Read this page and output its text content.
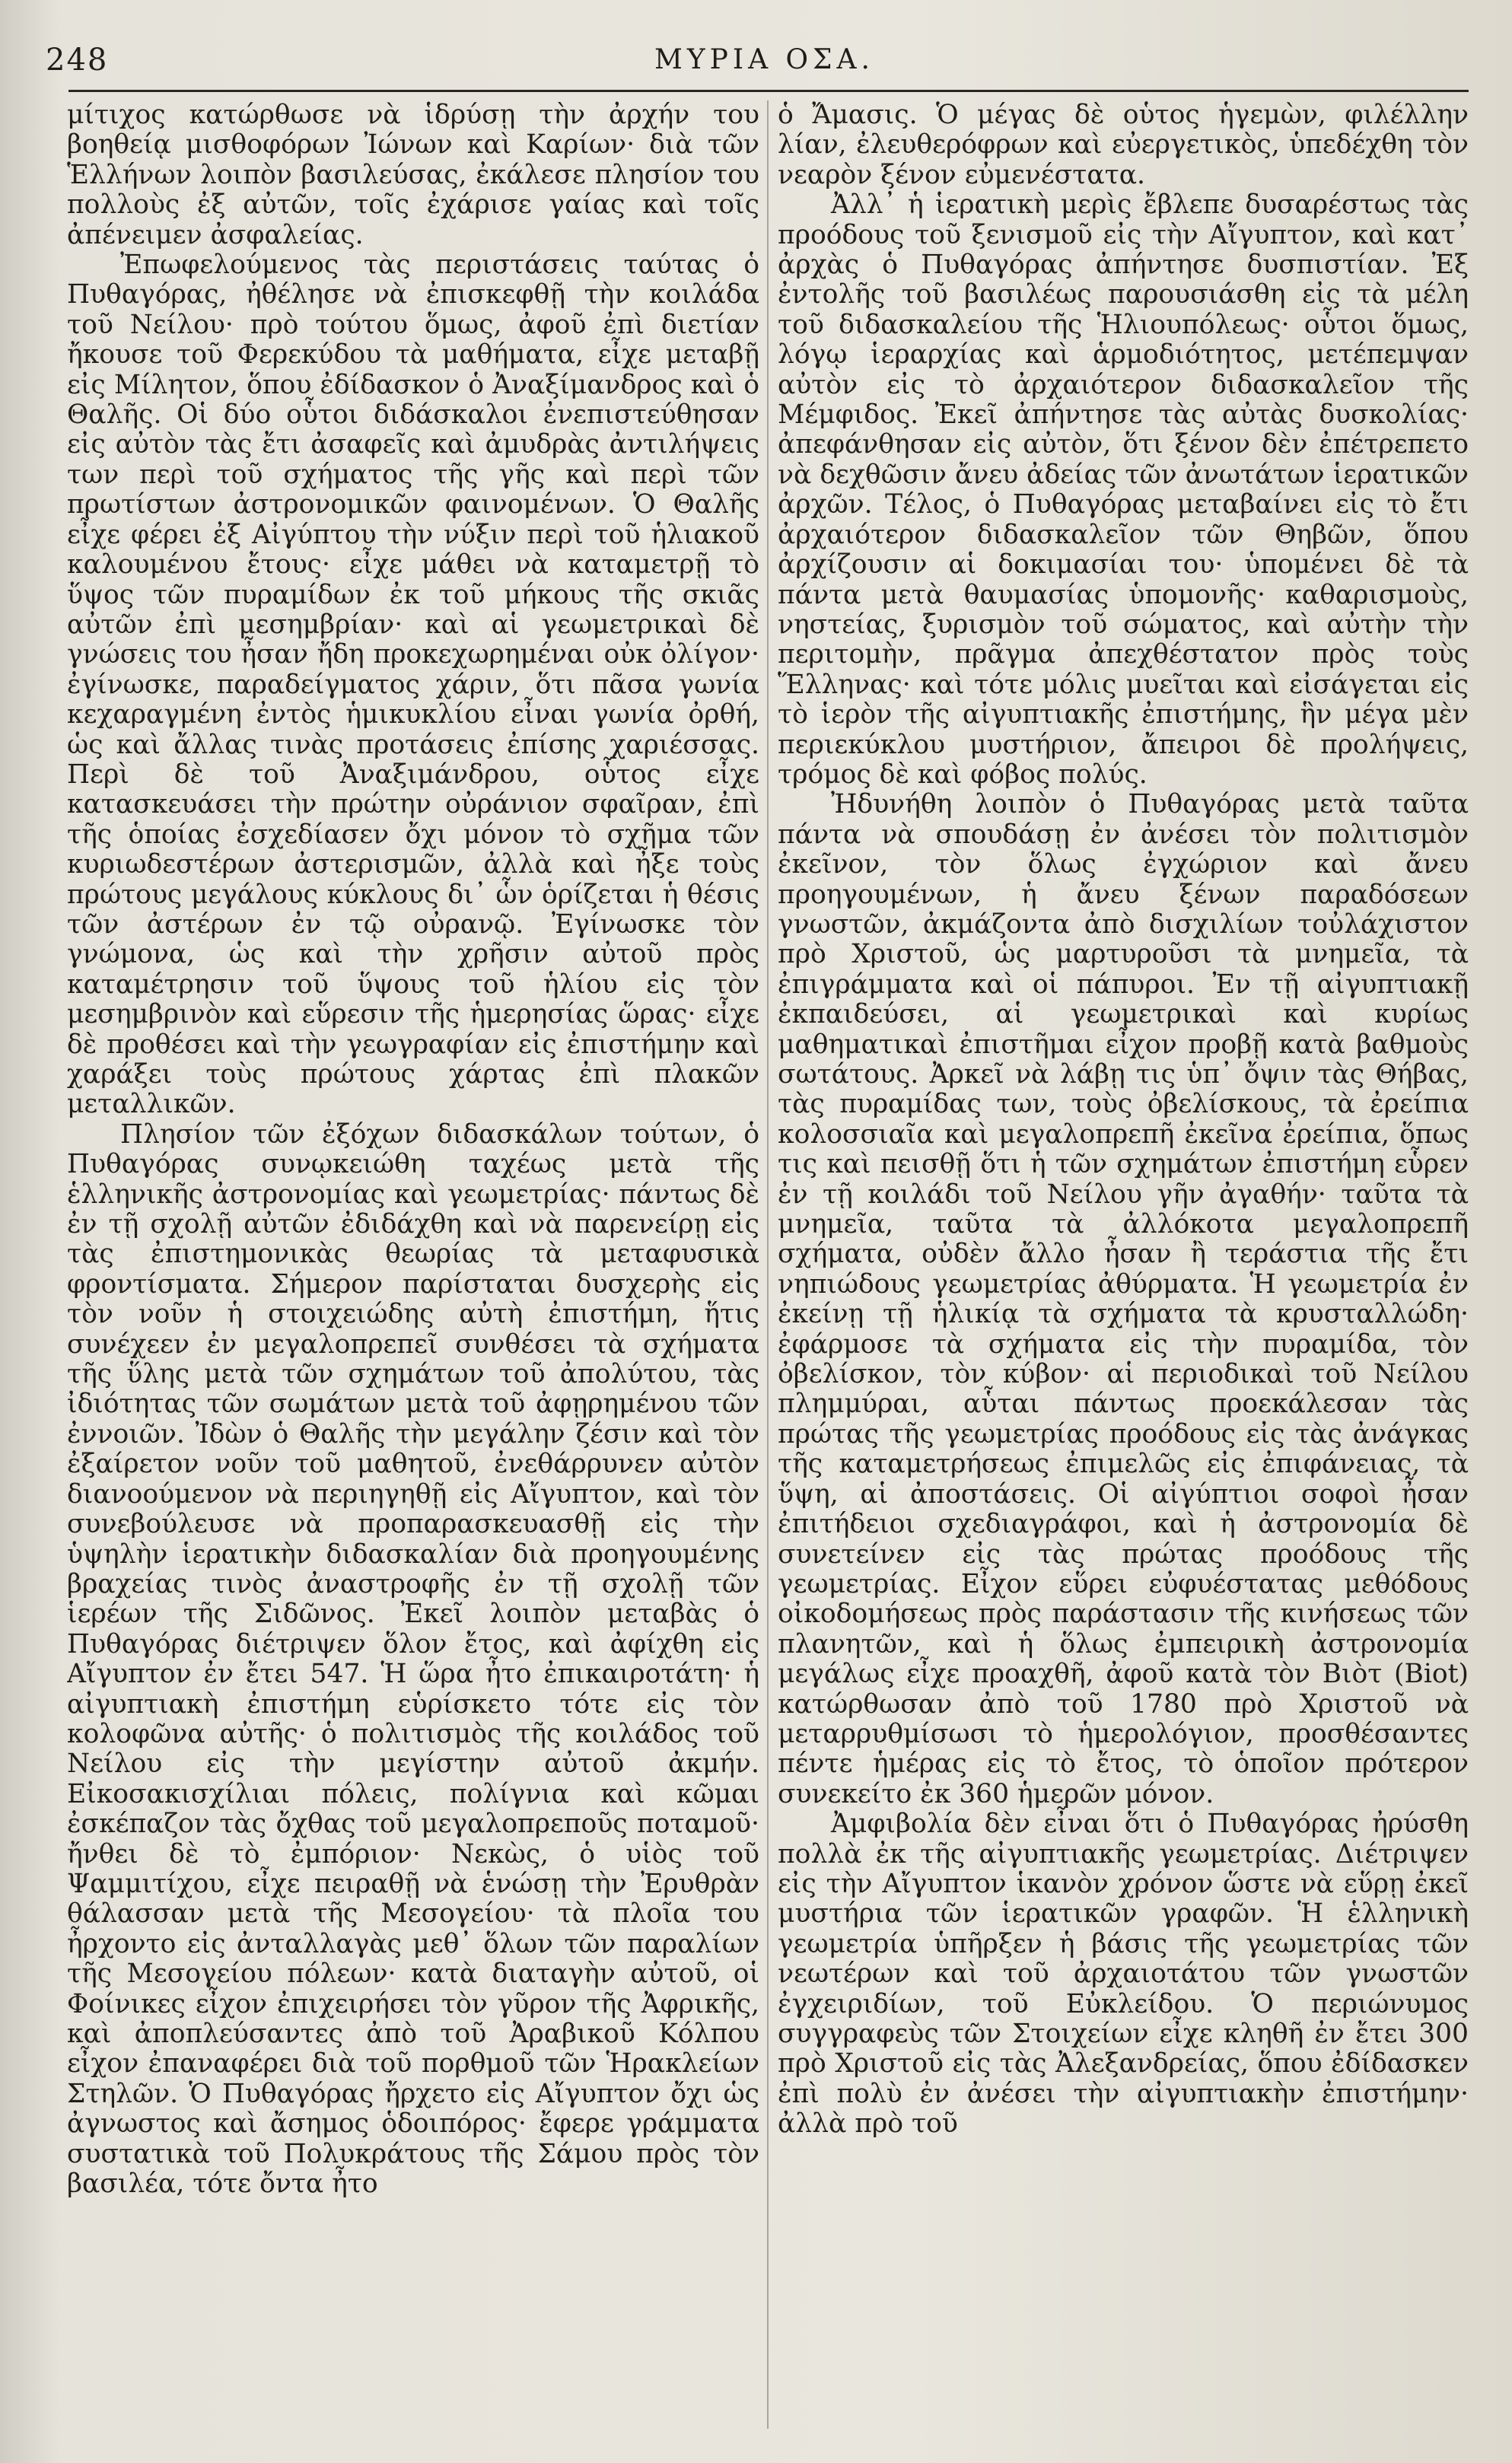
248	ΜΥΡΙΑ ΟΣΑ.

μίτιχος κατώρθωσε νὰ ἱδρύσῃ τὴν ἀρχήν του βοηθείᾳ μισθοφόρων Ἰώνων καὶ Καρίων· διὰ τῶν Ἑλλήνων λοιπὸν βασιλεύσας, ἐκάλεσε πλησίον του πολλοὺς ἐξ αὐτῶν, τοῖς ἐχάρισε γαίας καὶ τοῖς ἀπένειμεν ἀσφαλείας.

Ἐπωφελούμενος τὰς περιστάσεις ταύτας ὁ Πυθαγόρας, ἠθέλησε νὰ ἐπισκεφθῇ τὴν κοιλάδα τοῦ Νείλου· πρὸ τούτου ὅμως, ἀφοῦ ἐπὶ διετίαν ἤκουσε τοῦ Φερεκύδου τὰ μαθήματα, εἶχε μεταβῇ εἰς Μίλητον, ὅπου ἐδίδασκον ὁ Ἀναξίμανδρος καὶ ὁ Θαλῆς. Οἱ δύο οὗτοι διδάσκαλοι ἐνεπιστεύθησαν εἰς αὐτὸν τὰς ἔτι ἀσαφεῖς καὶ ἀμυδρὰς ἀντιλήψεις των περὶ τοῦ σχήματος τῆς γῆς καὶ περὶ τῶν πρωτίστων ἀστρονομικῶν φαινομένων. Ὁ Θαλῆς εἶχε φέρει ἐξ Αἰγύπτου τὴν νύξιν περὶ τοῦ ἡλιακοῦ καλουμένου ἔτους· εἶχε μάθει νὰ καταμετρῇ τὸ ὕψος τῶν πυραμίδων ἐκ τοῦ μήκους τῆς σκιᾶς αὐτῶν ἐπὶ μεσημβρίαν· καὶ αἱ γεωμετρικαὶ δὲ γνώσεις του ἦσαν ἤδη προκεχωρημέναι οὐκ ὀλίγον· ἐγίνωσκε, παραδείγματος χάριν, ὅτι πᾶσα γωνία κεχαραγμένη ἐντὸς ἡμικυκλίου εἶναι γωνία ὀρθή, ὡς καὶ ἄλλας τινὰς προτάσεις ἐπίσης χαριέσσας. Περὶ δὲ τοῦ Ἀναξιμάνδρου, οὗτος εἶχε κατασκευάσει τὴν πρώτην οὐράνιον σφαῖραν, ἐπὶ τῆς ὁποίας ἐσχεδίασεν ὄχι μόνον τὸ σχῆμα τῶν κυριωδεστέρων ἀστερισμῶν, ἀλλὰ καὶ ἦξε τοὺς πρώτους μεγάλους κύκλους δι᾽ ὧν ὁρίζεται ἡ θέσις τῶν ἀστέρων ἐν τῷ οὐρανῷ. Ἐγίνωσκε τὸν γνώμονα, ὡς καὶ τὴν χρῆσιν αὐτοῦ πρὸς καταμέτρησιν τοῦ ὕψους τοῦ ἡλίου εἰς τὸν μεσημβρινὸν καὶ εὕρεσιν τῆς ἡμερησίας ὥρας· εἶχε δὲ προθέσει καὶ τὴν γεωγραφίαν εἰς ἐπιστήμην καὶ χαράξει τοὺς πρώτους χάρτας ἐπὶ πλακῶν μεταλλικῶν.

Πλησίον τῶν ἐξόχων διδασκάλων τούτων, ὁ Πυθαγόρας συνῳκειώθη ταχέως μετὰ τῆς ἑλληνικῆς ἀστρονομίας καὶ γεωμετρίας· πάντως δὲ ἐν τῇ σχολῇ αὐτῶν ἐδιδάχθη καὶ νὰ παρενείρῃ εἰς τὰς ἐπιστημονικὰς θεωρίας τὰ μεταφυσικὰ φροντίσματα. Σήμερον παρίσταται δυσχερὴς εἰς τὸν νοῦν ἡ στοιχειώδης αὐτὴ ἐπιστήμη, ἥτις συνέχεεν ἐν μεγαλοπρεπεῖ συνθέσει τὰ σχήματα τῆς ὕλης μετὰ τῶν σχημάτων τοῦ ἀπολύτου, τὰς ἰδιότητας τῶν σωμάτων μετὰ τοῦ ἀφῃρημένου τῶν ἐννοιῶν. Ἰδὼν ὁ Θαλῆς τὴν μεγάλην ζέσιν καὶ τὸν ἐξαίρετον νοῦν τοῦ μαθητοῦ, ἐνεθάρρυνεν αὐτὸν διανοούμενον νὰ περιηγηθῇ εἰς Αἴγυπτον, καὶ τὸν συνεβούλευσε νὰ προπαρασκευασθῇ εἰς τὴν ὑψηλὴν ἱερατικὴν διδασκαλίαν διὰ προηγουμένης βραχείας τινὸς ἀναστροφῆς ἐν τῇ σχολῇ τῶν ἱερέων τῆς Σιδῶνος. Ἐκεῖ λοιπὸν μεταβὰς ὁ Πυθαγόρας διέτριψεν ὅλον ἔτος, καὶ ἀφίχθη εἰς Αἴγυπτον ἐν ἔτει 547. Ἡ ὥρα ἦτο ἐπικαιροτάτη· ἡ αἰγυπτιακὴ ἐπιστήμη εὑρίσκετο τότε εἰς τὸν κολοφῶνα αὐτῆς· ὁ πολιτισμὸς τῆς κοιλάδος τοῦ Νείλου εἰς τὴν μεγίστην αὐτοῦ ἀκμήν. Εἰκοσακισχίλιαι πόλεις, πολίγνια καὶ κῶμαι ἐσκέπαζον τὰς ὄχθας τοῦ μεγαλοπρεποῦς ποταμοῦ· ἤνθει δὲ τὸ ἐμπόριον· Νεκὼς, ὁ υἱὸς τοῦ Ψαμμιτίχου, εἶχε πειραθῇ νὰ ἑνώσῃ τὴν Ἐρυθρὰν θάλασσαν μετὰ τῆς Μεσογείου· τὰ πλοῖα του ἦρχοντο εἰς ἀνταλλαγὰς μεθ᾽ ὅλων τῶν παραλίων τῆς Μεσογείου πόλεων· κατὰ διαταγὴν αὐτοῦ, οἱ Φοίνικες εἶχον ἐπιχειρήσει τὸν γῦρον τῆς Ἀφρικῆς, καὶ ἀποπλεύσαντες ἀπὸ τοῦ Ἀραβικοῦ Κόλπου εἶχον ἐπαναφέρει διὰ τοῦ πορθμοῦ τῶν Ἡρακλείων Στηλῶν. Ὁ Πυθαγόρας ἤρχετο εἰς Αἴγυπτον ὄχι ὡς ἀγνωστος καὶ ἄσημος ὁδοιπόρος· ἔφερε γράμματα συστατικὰ τοῦ Πολυκράτους τῆς Σάμου πρὸς τὸν βασιλέα, τότε ὄντα ἦτο

ὁ Ἄμασις. Ὁ μέγας δὲ οὗτος ἡγεμὼν, φιλέλλην λίαν, ἐλευθερόφρων καὶ εὐεργετικὸς, ὑπεδέχθη τὸν νεαρὸν ξένον εὐμενέστατα.

Ἀλλ᾽ ἡ ἱερατικὴ μερὶς ἔβλεπε δυσαρέστως τὰς προόδους τοῦ ξενισμοῦ εἰς τὴν Αἴγυπτον, καὶ κατ᾽ ἀρχὰς ὁ Πυθαγόρας ἀπήντησε δυσπιστίαν. Ἐξ ἐντολῆς τοῦ βασιλέως παρουσιάσθη εἰς τὰ μέλη τοῦ διδασκαλείου τῆς Ἡλιουπόλεως· οὗτοι ὅμως, λόγῳ ἱεραρχίας καὶ ἁρμοδιότητος, μετέπεμψαν αὐτὸν εἰς τὸ ἀρχαιότερον διδασκαλεῖον τῆς Μέμφιδος. Ἐκεῖ ἀπήντησε τὰς αὐτὰς δυσκολίας· ἀπεφάνθησαν εἰς αὐτὸν, ὅτι ξένον δὲν ἐπέτρεπετο νὰ δεχθῶσιν ἄνευ ἀδείας τῶν ἀνωτάτων ἱερατικῶν ἀρχῶν. Τέλος, ὁ Πυθαγόρας μεταβαίνει εἰς τὸ ἔτι ἀρχαιότερον διδασκαλεῖον τῶν Θηβῶν, ὅπου ἀρχίζουσιν αἱ δοκιμασίαι του· ὑπομένει δὲ τὰ πάντα μετὰ θαυμασίας ὑπομονῆς· καθαρισμοὺς, νηστείας, ξυρισμὸν τοῦ σώματος, καὶ αὐτὴν τὴν περιτομὴν, πρᾶγμα ἀπεχθέστατον πρὸς τοὺς Ἕλληνας· καὶ τότε μόλις μυεῖται καὶ εἰσάγεται εἰς τὸ ἱερὸν τῆς αἰγυπτιακῆς ἐπιστήμης, ἣν μέγα μὲν περιεκύκλου μυστήριον, ἄπειροι δὲ προλήψεις, τρόμος δὲ καὶ φόβος πολύς.

Ἠδυνήθη λοιπὸν ὁ Πυθαγόρας μετὰ ταῦτα πάντα νὰ σπουδάσῃ ἐν ἀνέσει τὸν πολιτισμὸν ἐκεῖνον, τὸν ὅλως ἐγχώριον καὶ ἄνευ προηγουμένων, ἡ ἄνευ ξένων παραδόσεων γνωστῶν, ἀκμάζοντα ἀπὸ δισχιλίων τοὐλάχιστον πρὸ Χριστοῦ, ὡς μαρτυροῦσι τὰ μνημεῖα, τὰ ἐπιγράμματα καὶ οἱ πάπυροι. Ἐν τῇ αἰγυπτιακῇ ἐκπαιδεύσει, αἱ γεωμετρικαὶ καὶ κυρίως μαθηματικαὶ ἐπιστῆμαι εἶχον προβῇ κατὰ βαθμοὺς σωτάτους. Ἀρκεῖ νὰ λάβῃ τις ὑπ᾽ ὄψιν τὰς Θήβας, τὰς πυραμίδας των, τοὺς ὀβελίσκους, τὰ ἐρείπια κολοσσιαῖα καὶ μεγαλοπρεπῆ ἐκεῖνα ἐρείπια, ὅπως τις καὶ πεισθῇ ὅτι ἡ τῶν σχημάτων ἐπιστήμη εὗρεν ἐν τῇ κοιλάδι τοῦ Νείλου γῆν ἀγαθήν· ταῦτα τὰ μνημεῖα, ταῦτα τὰ ἀλλόκοτα μεγαλοπρεπῆ σχήματα, οὐδὲν ἄλλο ἦσαν ἢ τεράστια τῆς ἔτι νηπιώδους γεωμετρίας ἀθύρματα. Ἡ γεωμετρία ἐν ἐκείνῃ τῇ ἡλικίᾳ τὰ σχήματα τὰ κρυσταλλώδη· ἐφάρμοσε τὰ σχήματα εἰς τὴν πυραμίδα, τὸν ὀβελίσκον, τὸν κύβον· αἱ περιοδικαὶ τοῦ Νείλου πλημμύραι, αὗται πάντως προεκάλεσαν τὰς πρώτας τῆς γεωμετρίας προόδους εἰς τὰς ἀνάγκας τῆς καταμετρήσεως ἐπιμελῶς εἰς ἐπιφάνειας, τὰ ὕψη, αἱ ἀποστάσεις. Οἱ αἰγύπτιοι σοφοὶ ἦσαν ἐπιτήδειοι σχεδιαγράφοι, καὶ ἡ ἀστρονομία δὲ συνετείνεν εἰς τὰς πρώτας προόδους τῆς γεωμετρίας. Εἶχον εὕρει εὐφυέστατας μεθόδους οἰκοδομήσεως πρὸς παράστασιν τῆς κινήσεως τῶν πλανητῶν, καὶ ἡ ὅλως ἐμπειρικὴ ἀστρονομία μεγάλως εἶχε προαχθῆ, ἀφοῦ κατὰ τὸν Βιὸτ (Biot) κατώρθωσαν ἀπὸ τοῦ 1780 πρὸ Χριστοῦ νὰ μεταρρυθμίσωσι τὸ ἡμερολόγιον, προσθέσαντες πέντε ἡμέρας εἰς τὸ ἔτος, τὸ ὁποῖον πρότερον συνεκείτο ἐκ 360 ἡμερῶν μόνον.

Ἀμφιβολία δὲν εἶναι ὅτι ὁ Πυθαγόρας ἠρύσθη πολλὰ ἐκ τῆς αἰγυπτιακῆς γεωμετρίας. Διέτριψεν εἰς τὴν Αἴγυπτον ἱκανὸν χρόνον ὥστε νὰ εὕρῃ ἐκεῖ μυστήρια τῶν ἱερατικῶν γραφῶν. Ἡ ἑλληνικὴ γεωμετρία ὑπῆρξεν ἡ βάσις τῆς γεωμετρίας τῶν νεωτέρων καὶ τοῦ ἀρχαιοτάτου τῶν γνωστῶν ἐγχειριδίων, τοῦ Εὐκλείδου. Ὁ περιώνυμος συγγραφεὺς τῶν Στοιχείων εἶχε κληθῆ ἐν ἔτει 300 πρὸ Χριστοῦ εἰς τὰς Ἀλεξανδρείας, ὅπου ἐδίδασκεν ἐπὶ πολὺ ἐν ἀνέσει τὴν αἰγυπτιακὴν ἐπιστήμην· ἀλλὰ πρὸ τοῦ
